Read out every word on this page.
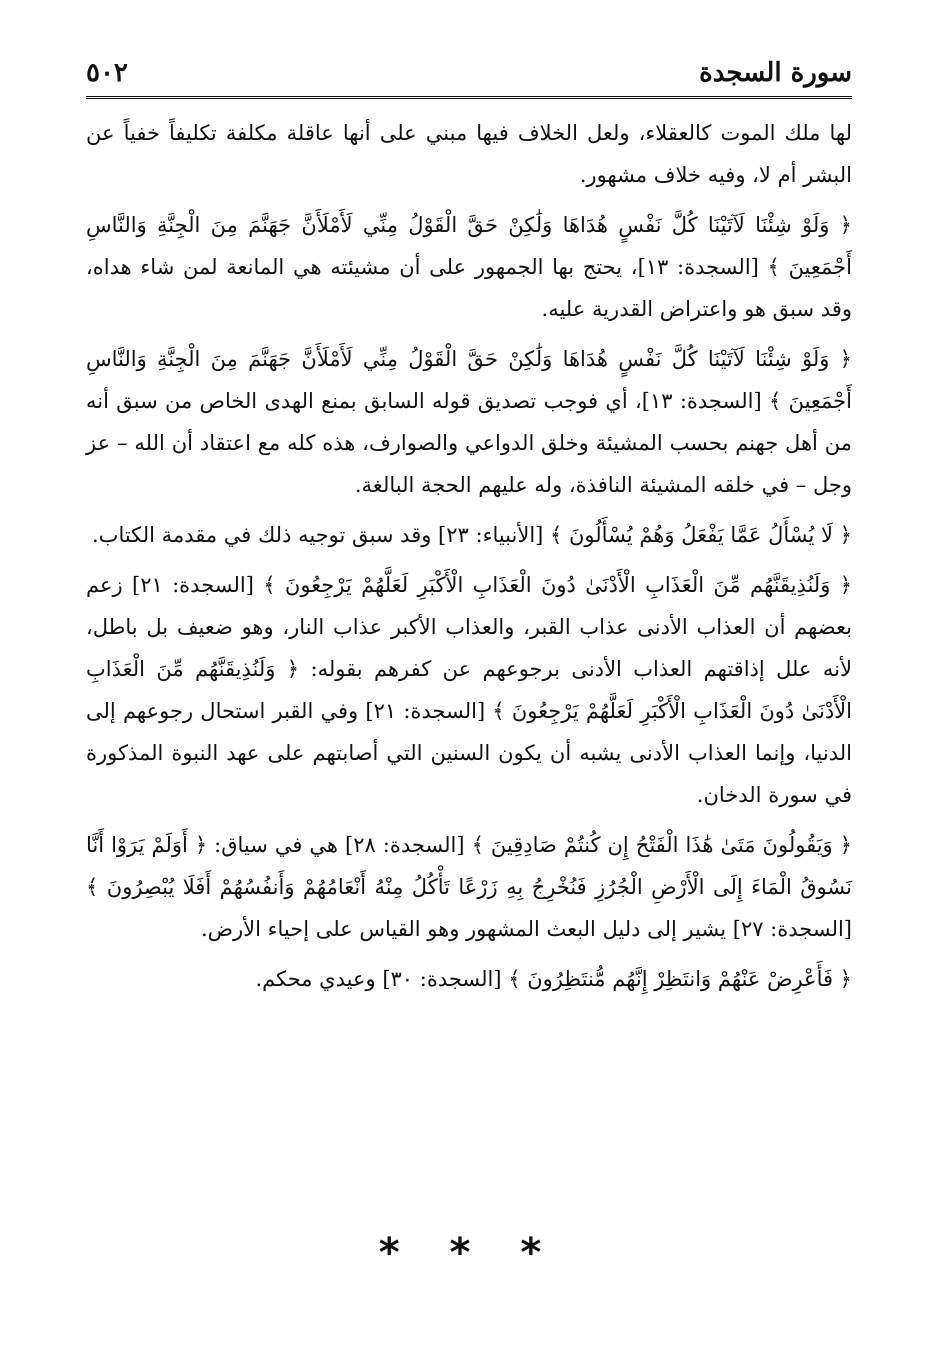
سورة السجدة
٥٠٢

لها ملك الموت كالعقلاء، ولعل الخلاف فيها مبني على أنها عاقلة مكلفة تكليفاً خفياً عن البشر أم لا، وفيه خلاف مشهور.

﴿ وَلَوْ شِئْنَا لَآتَيْنَا كُلَّ نَفْسٍ هُدَاهَا وَلَٰكِنْ حَقَّ الْقَوْلُ مِنِّي لَأَمْلَأَنَّ جَهَنَّمَ مِنَ الْجِنَّةِ وَالنَّاسِ أَجْمَعِينَ ﴾ [السجدة: ١٣]، يحتج بها الجمهور على أن مشيئته هي المانعة لمن شاء هداه، وقد سبق هو واعتراض القدرية عليه.

﴿ وَلَوْ شِئْنَا لَآتَيْنَا كُلَّ نَفْسٍ هُدَاهَا وَلَٰكِنْ حَقَّ الْقَوْلُ مِنِّي لَأَمْلَأَنَّ جَهَنَّمَ مِنَ الْجِنَّةِ وَالنَّاسِ أَجْمَعِينَ ﴾ [السجدة: ١٣]، أي فوجب تصديق قوله السابق بمنع الهدى الخاص من سبق أنه من أهل جهنم بحسب المشيئة وخلق الدواعي والصوارف، هذه كله مع اعتقاد أن الله – عز وجل – في خلقه المشيئة النافذة، وله عليهم الحجة البالغة.

﴿ لَا يُسْأَلُ عَمَّا يَفْعَلُ وَهُمْ يُسْأَلُونَ ﴾ [الأنبياء: ٢٣] وقد سبق توجيه ذلك في مقدمة الكتاب.

﴿ وَلَنُذِيقَنَّهُم مِّنَ الْعَذَابِ الْأَدْنَىٰ دُونَ الْعَذَابِ الْأَكْبَرِ لَعَلَّهُمْ يَرْجِعُونَ ﴾ [السجدة: ٢١] زعم بعضهم أن العذاب الأدنى عذاب القبر، والعذاب الأكبر عذاب النار، وهو ضعيف بل باطل، لأنه علل إذاقتهم العذاب الأدنى برجوعهم عن كفرهم بقوله: ﴿ وَلَنُذِيقَنَّهُم مِّنَ الْعَذَابِ الْأَدْنَىٰ دُونَ الْعَذَابِ الْأَكْبَرِ لَعَلَّهُمْ يَرْجِعُونَ ﴾ [السجدة: ٢١] وفي القبر استحال رجوعهم إلى الدنيا، وإنما العذاب الأدنى يشبه أن يكون السنين التي أصابتهم على عهد النبوة المذكورة في سورة الدخان.

﴿ وَيَقُولُونَ مَتَىٰ هَٰذَا الْفَتْحُ إِن كُنتُمْ صَادِقِينَ ﴾ [السجدة: ٢٨] هي في سياق: ﴿ أَوَلَمْ يَرَوْا أَنَّا نَسُوقُ الْمَاءَ إِلَى الْأَرْضِ الْجُرُزِ فَنُخْرِجُ بِهِ زَرْعًا تَأْكُلُ مِنْهُ أَنْعَامُهُمْ وَأَنفُسُهُمْ أَفَلَا يُبْصِرُونَ ﴾ [السجدة: ٢٧] يشير إلى دليل البعث المشهور وهو القياس على إحياء الأرض.

﴿ فَأَعْرِضْ عَنْهُمْ وَانتَظِرْ إِنَّهُم مُّنتَظِرُونَ ﴾ [السجدة: ٣٠] وعيدي محكم.

* * *
